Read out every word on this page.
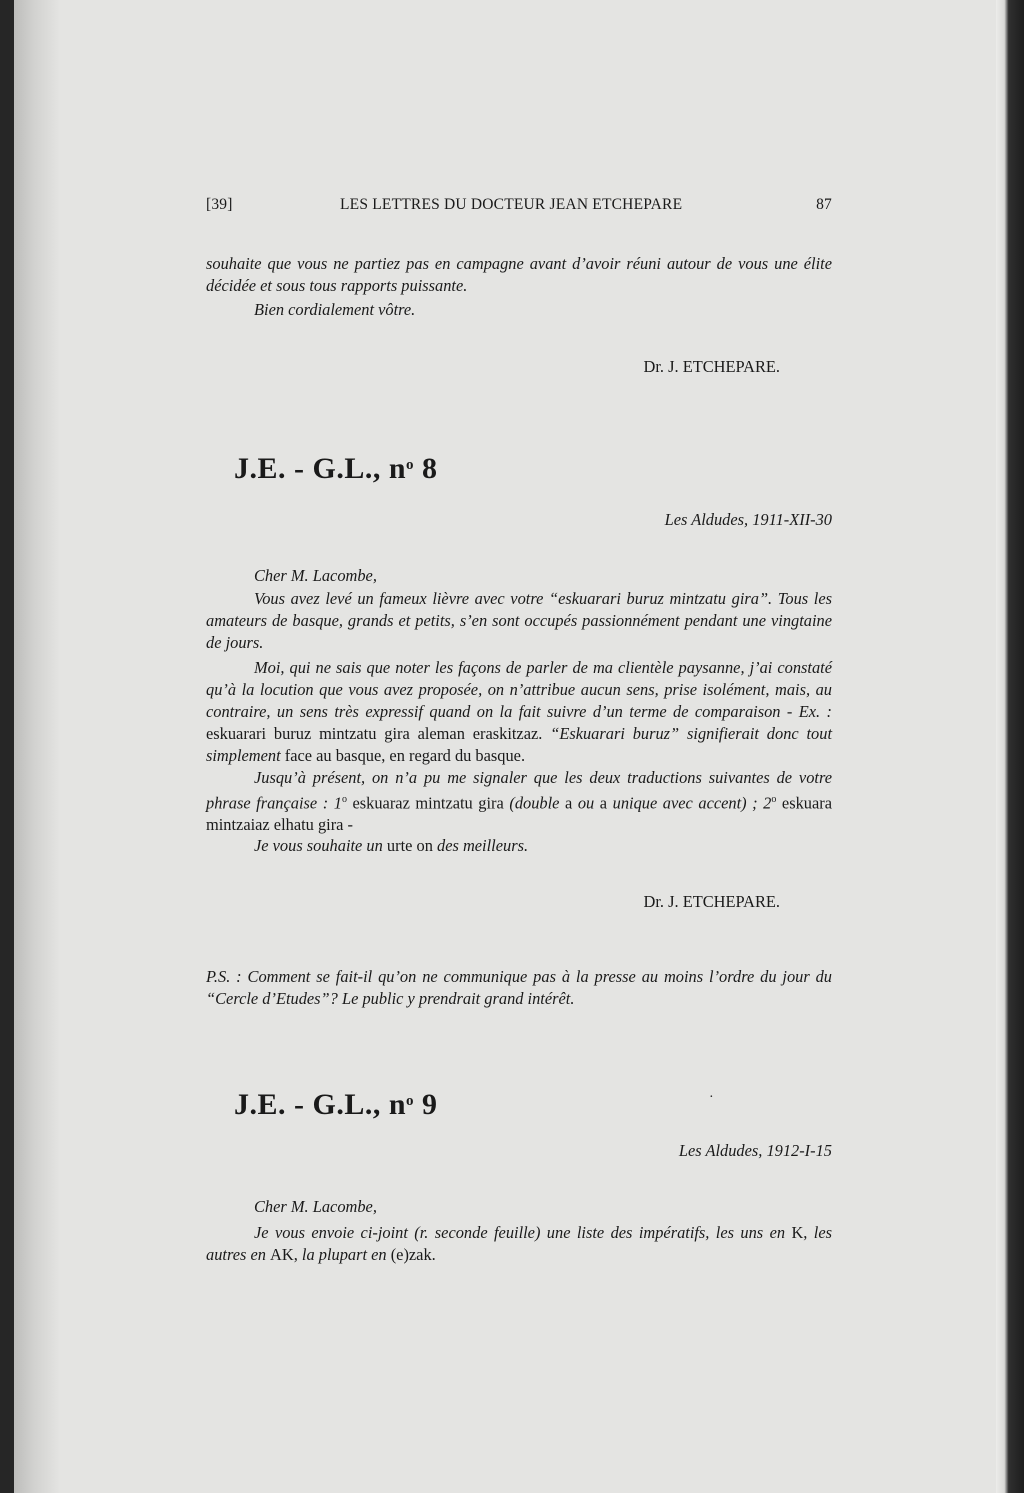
[39]	LES LETTRES DU DOCTEUR JEAN ETCHEPARE	87

souhaite que vous ne partiez pas en campagne avant d’avoir réuni autour de vous une élite décidée et sous tous rapports puissante.

Bien cordialement vôtre.

Dr. J. ETCHEPARE.
J.E. - G.L., $n^o$ 8
Les Aldudes, 1911-XII-30
Cher M. Lacombe,

Vous avez levé un fameux lièvre avec votre “eskuarari buruz mintzatu gira”. Tous les amateurs de basque, grands et petits, s’en sont occupés passionnément pendant une vingtaine de jours.

Moi, qui ne sais que noter les façons de parler de ma clientèle paysanne, j’ai constaté qu’à la locution que vous avez proposée, on n’attribue aucun sens, prise isolément, mais, au contraire, un sens très expressif quand on la fait suivre d’un terme de comparaison - Ex. : eskuarari buruz mintzatu gira aleman eraskitzaz. “Eskuarari buruz” signifierait donc tout simplement face au basque, en regard du basque.

Jusqu’à présent, on n’a pu me signaler que les deux traductions suivantes de votre phrase française : 1$^o$ eskuaraz mintzatu gira (double a ou a unique avec accent) ; 2$^o$ eskuara mintzaiaz elhatu gira -

Je vous souhaite un urte on des meilleurs.

Dr. J. ETCHEPARE.

P.S. : Comment se fait-il qu’on ne communique pas à la presse au moins l’ordre du jour du “Cercle d’Etudes”? Le public y prendrait grand intérêt.

J.E. - G.L., $n^o$ 9	·
Les Aldudes, 1912-I-15
Cher M. Lacombe,

Je vous envoie ci-joint (r. seconde feuille) une liste des impératifs, les uns en K, les autres en AK, la plupart en (e)zak.
